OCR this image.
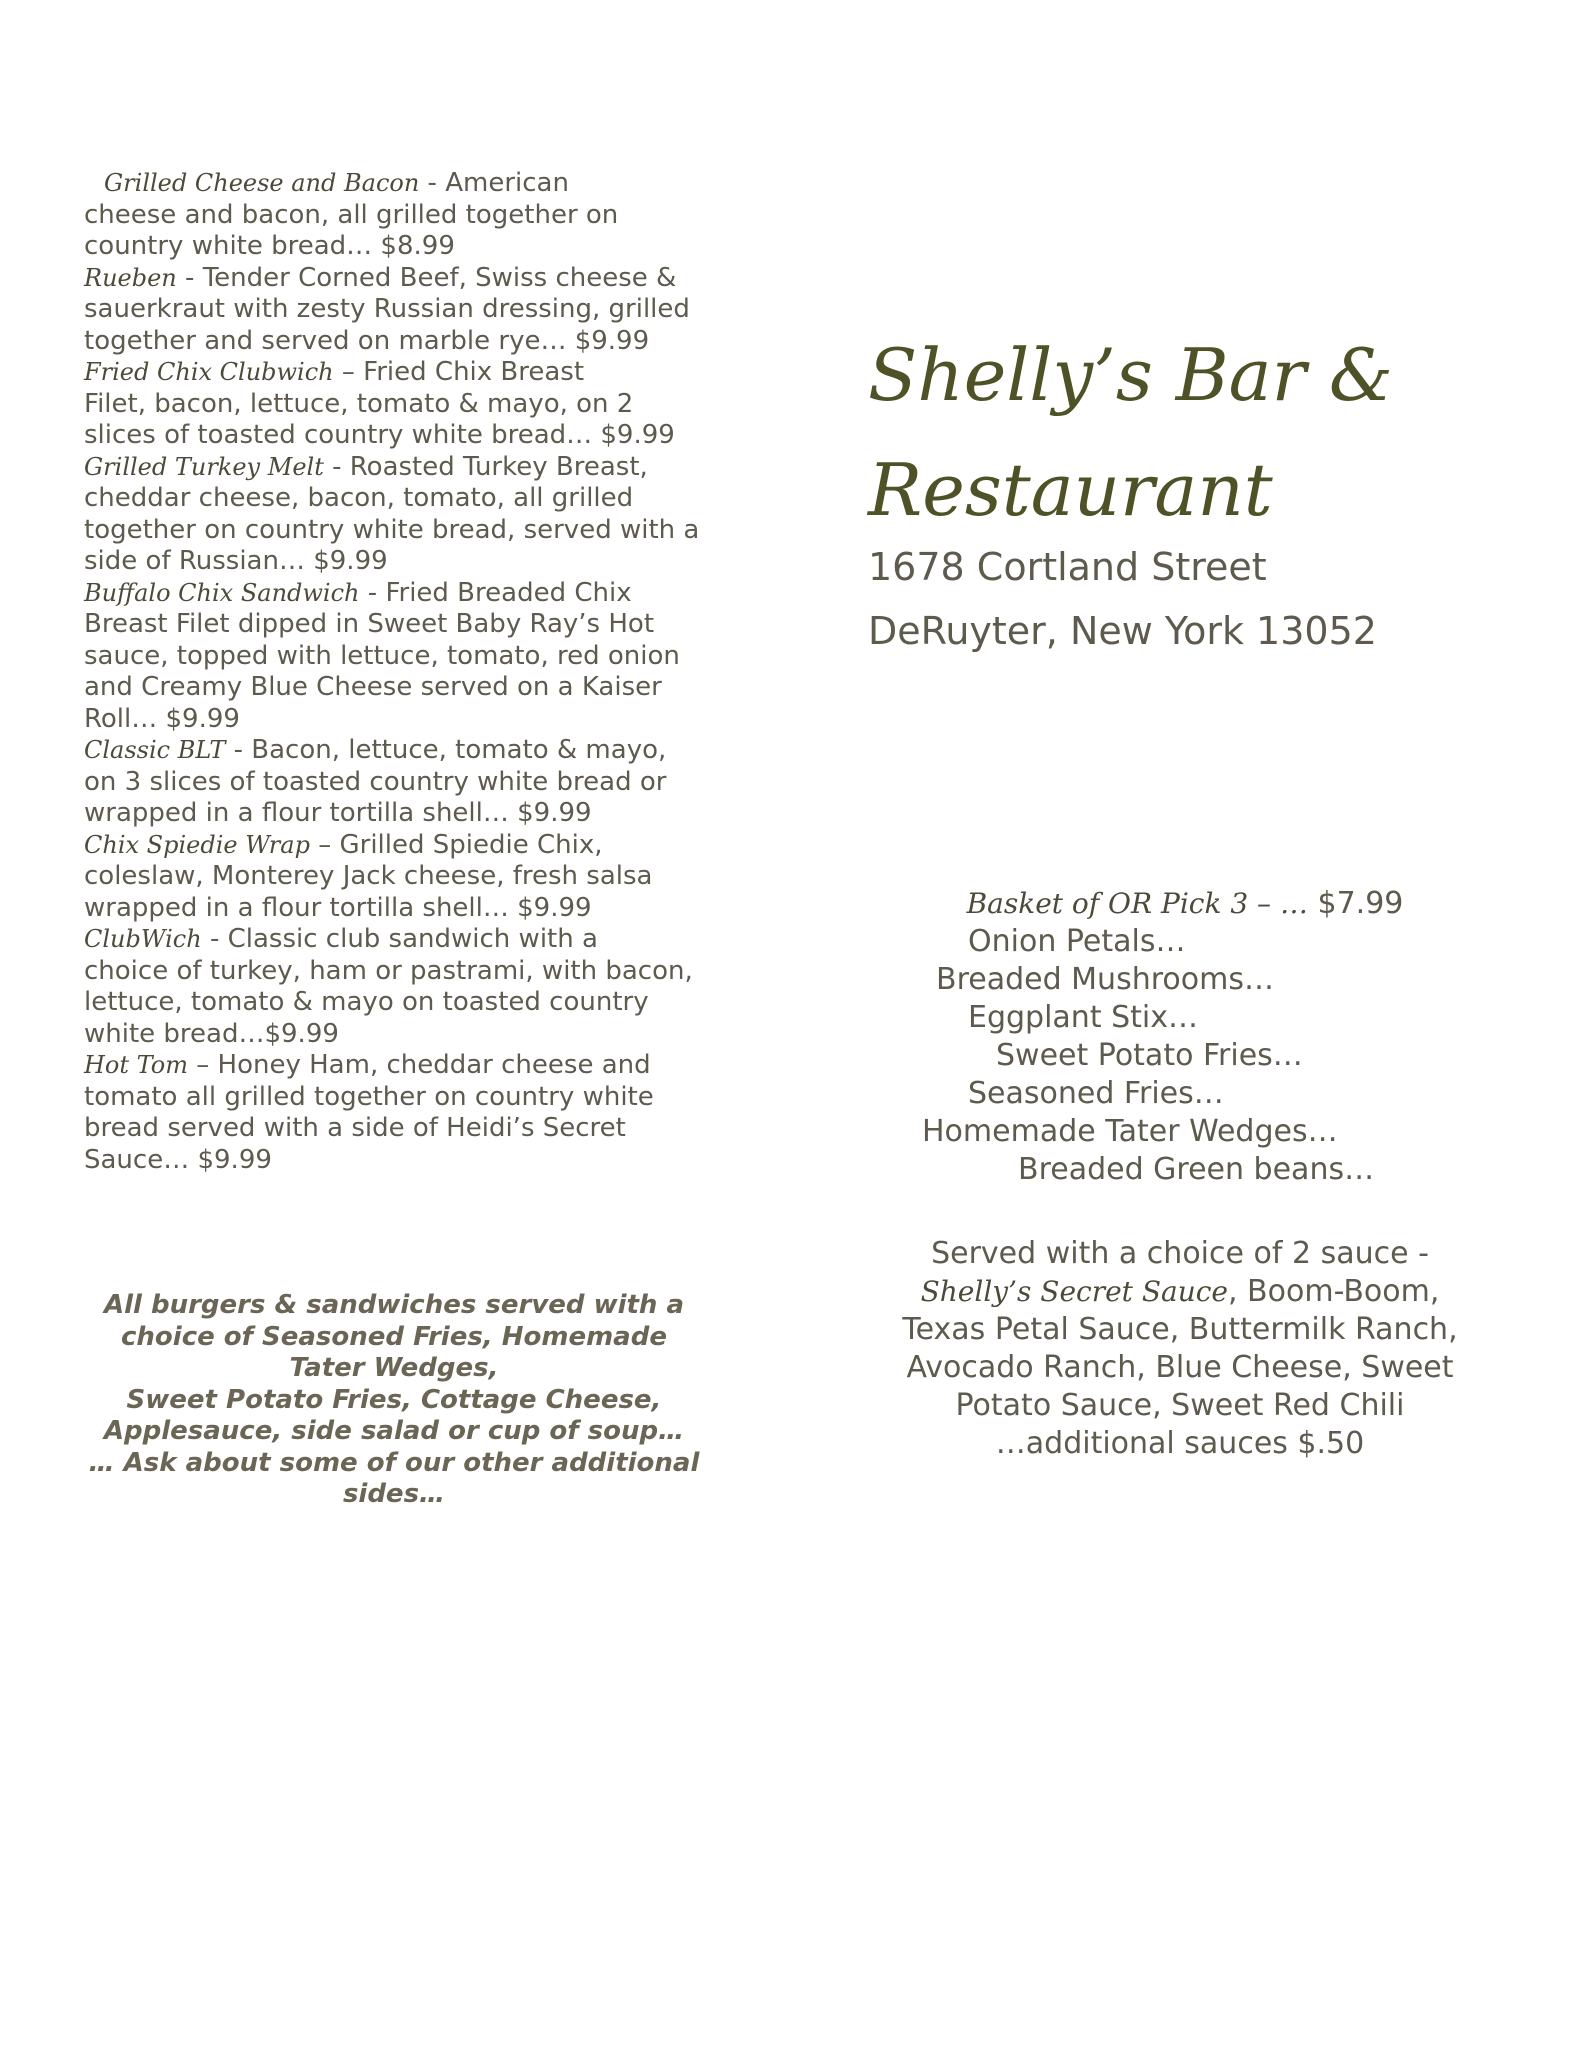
Grilled Cheese and Bacon - American
cheese and bacon, all grilled together on
country white bread… $8.99
Rueben - Tender Corned Beef, Swiss cheese &
sauerkraut with zesty Russian dressing, grilled
together and served on marble rye… $9.99
Fried Chix Clubwich – Fried Chix Breast
Filet, bacon, lettuce, tomato & mayo, on 2
slices of toasted country white bread… $9.99
Grilled Turkey Melt - Roasted Turkey Breast,
cheddar cheese, bacon, tomato, all grilled
together on country white bread, served with a
side of Russian… $9.99
Buffalo Chix Sandwich - Fried Breaded Chix
Breast Filet dipped in Sweet Baby Ray’s Hot
sauce, topped with lettuce, tomato, red onion
and Creamy Blue Cheese served on a Kaiser
Roll… $9.99
Classic BLT - Bacon, lettuce, tomato & mayo,
on 3 slices of toasted country white bread or
wrapped in a flour tortilla shell… $9.99
Chix Spiedie Wrap – Grilled Spiedie Chix,
coleslaw, Monterey Jack cheese, fresh salsa
wrapped in a flour tortilla shell… $9.99
ClubWich - Classic club sandwich with a
choice of turkey, ham or pastrami, with bacon,
lettuce, tomato & mayo on toasted country
white bread…$9.99
Hot Tom – Honey Ham, cheddar cheese and
tomato all grilled together on country white
bread served with a side of Heidi’s Secret
Sauce… $9.99
All burgers & sandwiches served with a
choice of Seasoned Fries, Homemade
Tater Wedges,
Sweet Potato Fries, Cottage Cheese,
Applesauce, side salad or cup of soup…
… Ask about some of our other additional
sides…
Shelly’s Bar &
Restaurant
1678 Cortland Street
DeRuyter, New York 13052
Basket of OR Pick 3 – … $7.99
Onion Petals…
Breaded Mushrooms…
Eggplant Stix…
Sweet Potato Fries…
Seasoned Fries…
Homemade Tater Wedges…
Breaded Green beans…
Served with a choice of 2 sauce -
Shelly’s Secret Sauce, Boom-Boom,
Texas Petal Sauce, Buttermilk Ranch,
Avocado Ranch, Blue Cheese, Sweet
Potato Sauce, Sweet Red Chili
…additional sauces $.50
